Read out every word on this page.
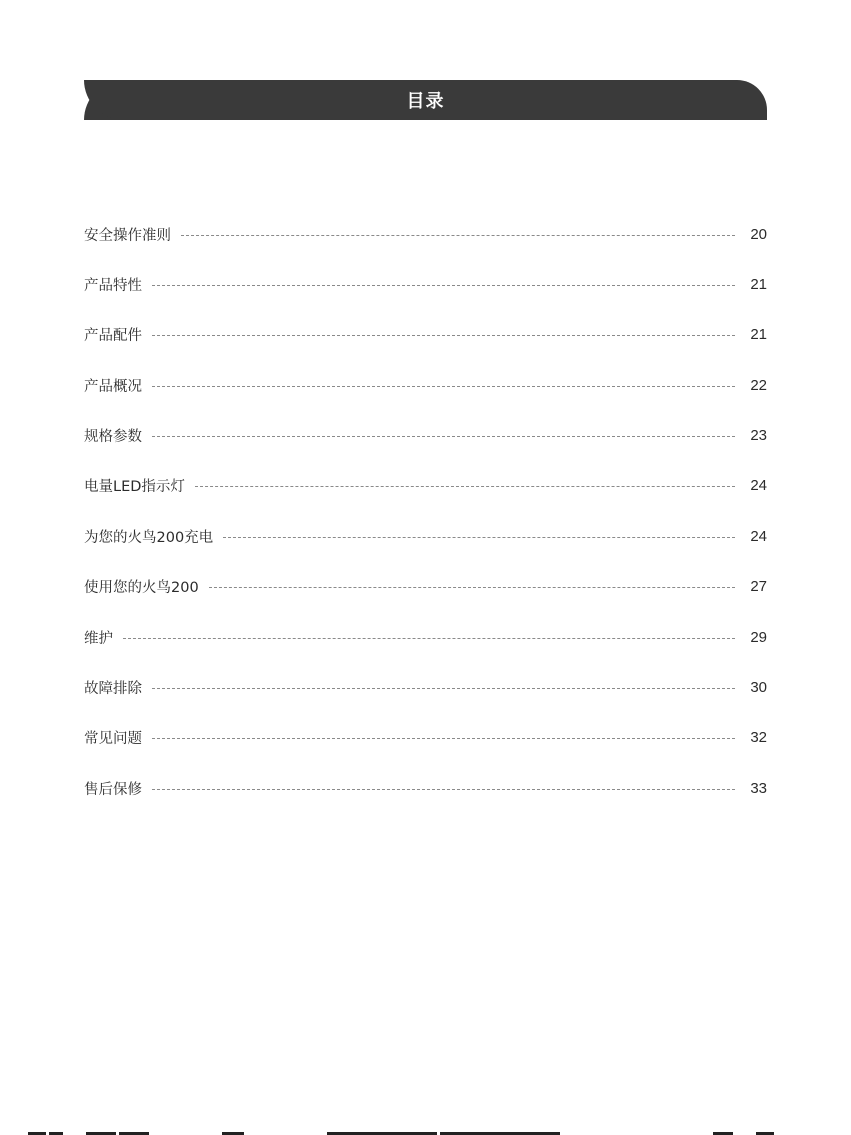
目录
安全操作准则	20
产品特性	21
产品配件	21
产品概况	22
规格参数	23
电量LED指示灯	24
为您的火鸟200充电	24
使用您的火鸟200	27
维护	29
故障排除	30
常见问题	32
售后保修	33
